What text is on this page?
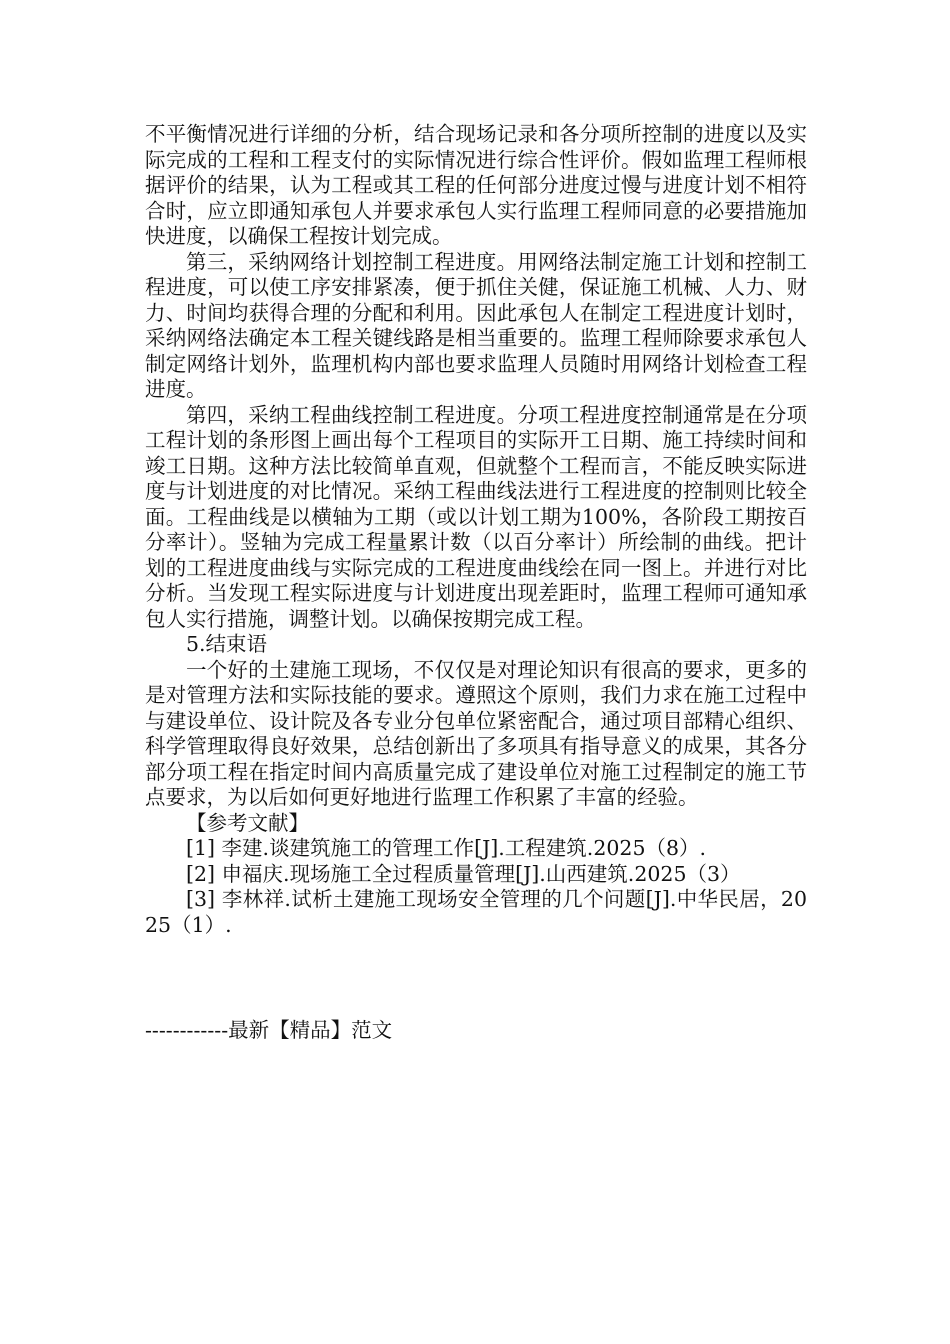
不平衡情况进行详细的分析，结合现场记录和各分项所控制的进度以及实际完成的工程和工程支付的实际情况进行综合性评价。假如监理工程师根据评价的结果，认为工程或其工程的任何部分进度过慢与进度计划不相符合时，应立即通知承包人并要求承包人实行监理工程师同意的必要措施加快进度，以确保工程按计划完成。

第三，采纳网络计划控制工程进度。用网络法制定施工计划和控制工程进度，可以使工序安排紧凑，便于抓住关健，保证施工机械、人力、财力、时间均获得合理的分配和利用。因此承包人在制定工程进度计划时，采纳网络法确定本工程关键线路是相当重要的。监理工程师除要求承包人制定网络计划外，监理机构内部也要求监理人员随时用网络计划检查工程进度。

第四，采纳工程曲线控制工程进度。分项工程进度控制通常是在分项工程计划的条形图上画出每个工程项目的实际开工日期、施工持续时间和竣工日期。这种方法比较简单直观，但就整个工程而言，不能反映实际进度与计划进度的对比情况。采纳工程曲线法进行工程进度的控制则比较全面。工程曲线是以横轴为工期（或以计划工期为100%，各阶段工期按百分率计）。竖轴为完成工程量累计数（以百分率计）所绘制的曲线。把计划的工程进度曲线与实际完成的工程进度曲线绘在同一图上。并进行对比分析。当发现工程实际进度与计划进度出现差距时，监理工程师可通知承包人实行措施，调整计划。以确保按期完成工程。

5.结束语

一个好的土建施工现场，不仅仅是对理论知识有很高的要求，更多的是对管理方法和实际技能的要求。遵照这个原则，我们力求在施工过程中与建设单位、设计院及各专业分包单位紧密配合，通过项目部精心组织、科学管理取得良好效果，总结创新出了多项具有指导意义的成果，其各分部分项工程在指定时间内高质量完成了建设单位对施工过程制定的施工节点要求，为以后如何更好地进行监理工作积累了丰富的经验。

【参考文献】

[1] 李建.谈建筑施工的管理工作[J].工程建筑.2025（8）.

[2] 申福庆.现场施工全过程质量管理[J].山西建筑.2025（3）

[3] 李林祥.试析土建施工现场安全管理的几个问题[J].中华民居，2025（1）.

------------最新【精品】范文
